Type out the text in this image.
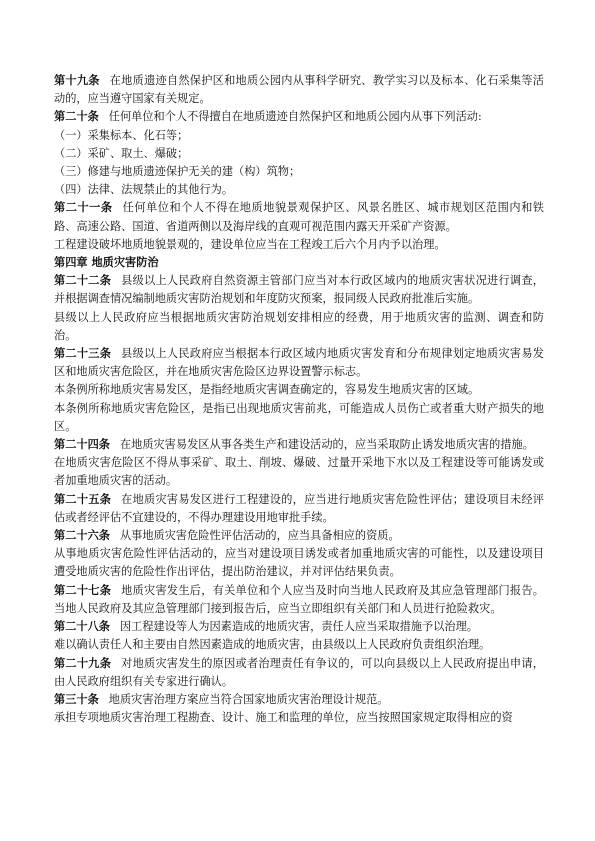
第十九条 在地质遗迹自然保护区和地质公园内从事科学研究、教学实习以及标本、化石采集等活动的，应当遵守国家有关规定。

第二十条 任何单位和个人不得擅自在地质遗迹自然保护区和地质公园内从事下列活动:

（一）采集标本、化石等；

（二）采矿、取土、爆破；

（三）修建与地质遗迹保护无关的建（构）筑物；

（四）法律、法规禁止的其他行为。

第二十一条 任何单位和个人不得在地质地貌景观保护区、风景名胜区、城市规划区范围内和铁路、高速公路、国道、省道两侧以及海岸线的直观可视范围内露天开采矿产资源。

工程建设破坏地质地貌景观的，建设单位应当在工程竣工后六个月内予以治理。

第四章 地质灾害防治

第二十二条 县级以上人民政府自然资源主管部门应当对本行政区域内的地质灾害状况进行调查，并根据调查情况编制地质灾害防治规划和年度防灾预案，报同级人民政府批准后实施。

县级以上人民政府应当根据地质灾害防治规划安排相应的经费，用于地质灾害的监测、调查和防治。

第二十三条 县级以上人民政府应当根据本行政区域内地质灾害发育和分布规律划定地质灾害易发区和地质灾害危险区，并在地质灾害危险区边界设置警示标志。

本条例所称地质灾害易发区，是指经地质灾害调查确定的，容易发生地质灾害的区域。

本条例所称地质灾害危险区，是指已出现地质灾害前兆，可能造成人员伤亡或者重大财产损失的地区。

第二十四条 在地质灾害易发区从事各类生产和建设活动的，应当采取防止诱发地质灾害的措施。

在地质灾害危险区不得从事采矿、取土、削坡、爆破、过量开采地下水以及工程建设等可能诱发或者加重地质灾害的活动。

第二十五条 在地质灾害易发区进行工程建设的，应当进行地质灾害危险性评估；建设项目未经评估或者经评估不宜建设的，不得办理建设用地审批手续。

第二十六条 从事地质灾害危险性评估活动的，应当具备相应的资质。

从事地质灾害危险性评估活动的，应当对建设项目诱发或者加重地质灾害的可能性，以及建设项目遭受地质灾害的危险性作出评估，提出防治建议，并对评估结果负责。

第二十七条 地质灾害发生后，有关单位和个人应当及时向当地人民政府及其应急管理部门报告。当地人民政府及其应急管理部门接到报告后，应当立即组织有关部门和人员进行抢险救灾。

第二十八条 因工程建设等人为因素造成的地质灾害，责任人应当采取措施予以治理。

难以确认责任人和主要由自然因素造成的地质灾害，由县级以上人民政府负责组织治理。

第二十九条 对地质灾害发生的原因或者治理责任有争议的，可以向县级以上人民政府提出申请，由人民政府组织有关专家进行确认。

第三十条 地质灾害治理方案应当符合国家地质灾害治理设计规范。

承担专项地质灾害治理工程勘查、设计、施工和监理的单位，应当按照国家规定取得相应的资
